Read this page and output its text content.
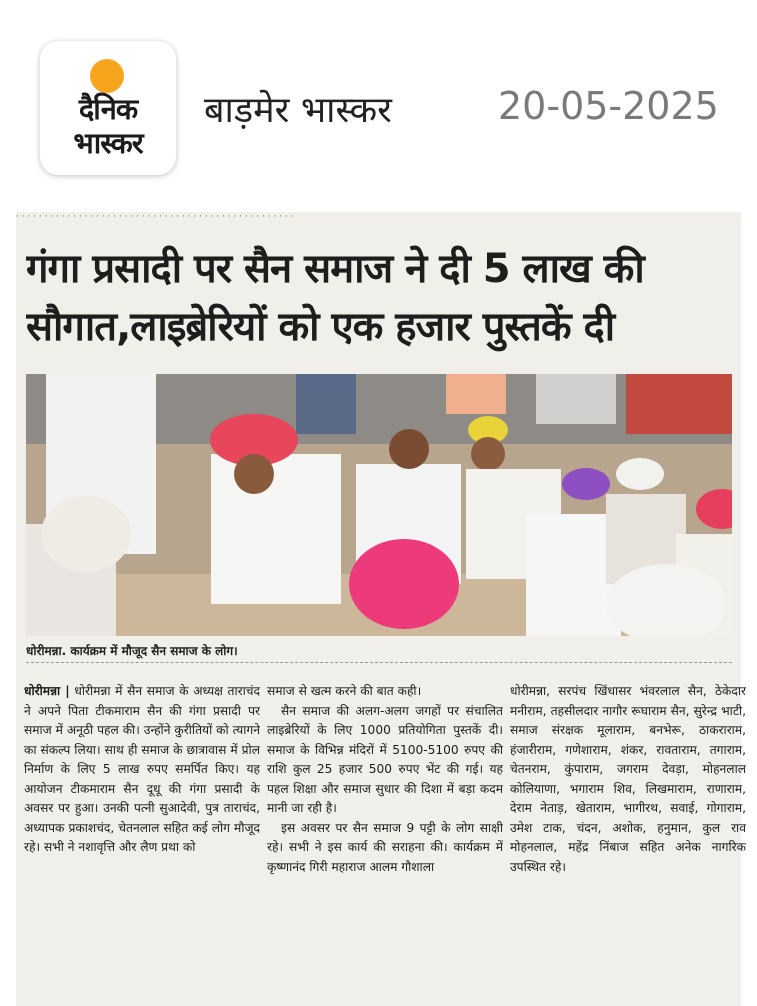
दैनिक
भास्कर
बाड़मेर भास्कर	20-05-2025
· · · · · · · · · · · · · · · · · · · · · · · · · · · · · · · · · · · · · · · · · · · · · · · · ·
गंगा प्रसादी पर सैन समाज ने दी 5 लाख की
सौगात,लाइब्रेरियों को एक हजार पुस्तकें दी
धोरीमन्ना. कार्यक्रम में मौजूद सैन समाज के लोग।

धोरीमन्ना | धोरीमन्ना में सैन समाज के अध्यक्ष ताराचंद ने अपने पिता टीकमाराम सैन की गंगा प्रसादी पर समाज में अनूठी पहल की। उन्होंने कुरीतियों को त्यागने का संकल्प लिया। साथ ही समाज के छात्रावास में प्रोल निर्माण के लिए 5 लाख रुपए समर्पित किए। यह आयोजन टीकमाराम सैन दूधू की गंगा प्रसादी के अवसर पर हुआ। उनकी पत्नी सुआदेवी, पुत्र ताराचंद, अध्यापक प्रकाशचंद, चेतनलाल सहित कई लोग मौजूद रहे। सभी ने नशावृत्ति और लैण प्रथा को

समाज से खत्म करने की बात कही।

सैन समाज की अलग-अलग जगहों पर संचालित लाइब्रेरियों के लिए 1000 प्रतियोगिता पुस्तकें दी। समाज के विभिन्न मंदिरों में 5100-5100 रुपए की राशि कुल 25 हजार 500 रुपए भेंट की गई। यह पहल शिक्षा और समाज सुधार की दिशा में बड़ा कदम मानी जा रही है।

इस अवसर पर सैन समाज 9 पट्टी के लोग साक्षी रहे। सभी ने इस कार्य की सराहना की। कार्यक्रम में कृष्णानंद गिरी महाराज आलम गौशाला

धोरीमन्ना, सरपंच खिंधासर भंवरलाल सैन, ठेकेदार मनीराम, तहसीलदार नागौर रूघाराम सैन, सुरेन्द्र भाटी, समाज संरक्षक मूलाराम, बनभेरू, ठाकराराम, हंजारीराम, गणेशाराम, शंकर, रावताराम, तगाराम, चेतनराम, कुंपाराम, जगराम देवड़ा, मोहनलाल कोलियाणा, भगाराम शिव, लिखमाराम, राणाराम, देराम नेताड़, खेताराम, भागीरथ, सवाई, गोगाराम, उमेश टाक, चंदन, अशोक, हनुमान, कुल राव मोहनलाल, महेंद्र निंबाज सहित अनेक नागरिक उपस्थित रहे।
